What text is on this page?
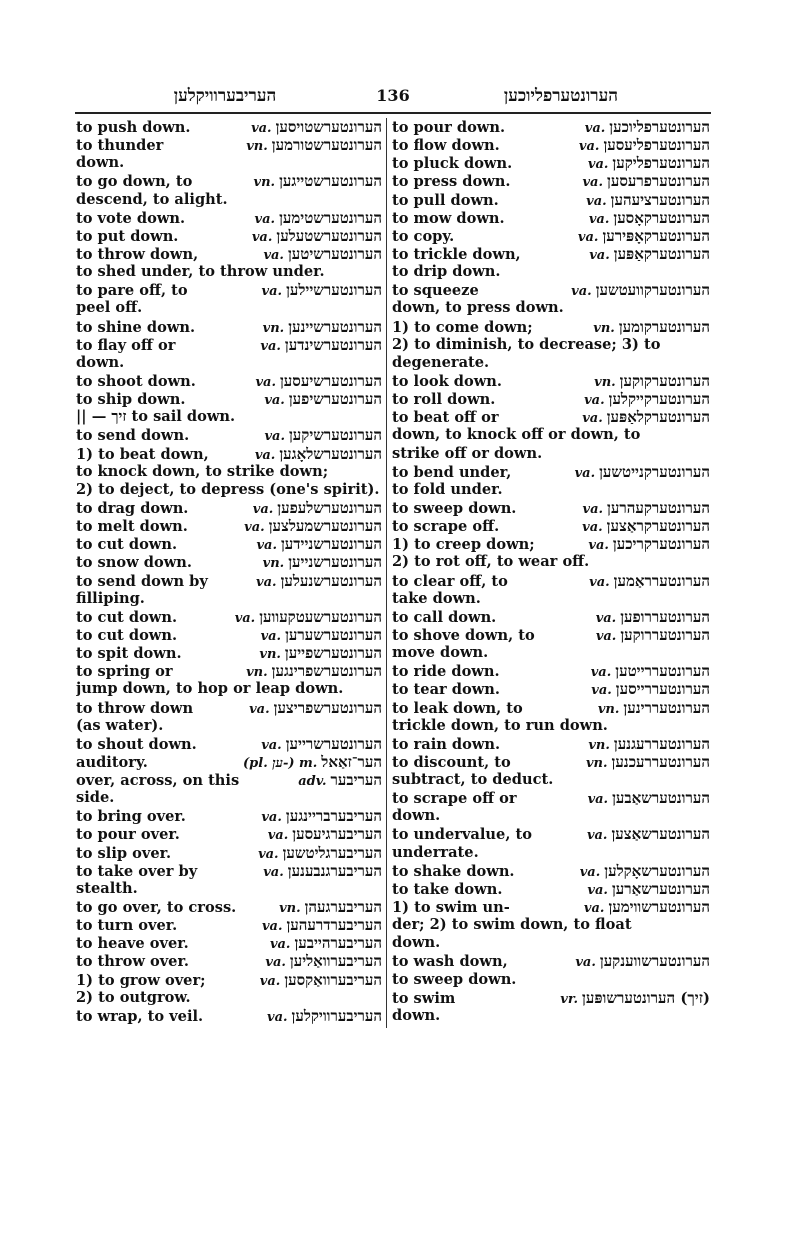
העריבערוויקלען	136	הערונטערפליוכען
to push down.	va. הערונטערשטויסען
to thunder	vn. הערונטערשטורמען
down.
to go down, to	vn. הערונטערשטייגען
descend, to alight.
to vote down.	va. הערונטערשטימען
to put down.	va. הערונטערשטעלען
to throw down,	va. הערונטערשיטען
to shed under, to throw under.
to pare off, to	va. הערונטערשיילען
peel off.
to shine down.	vn. הערונטערשיינען
to flay off or	va. הערונטערשינדען
down.
to shoot down.	va. הערונטערשיעסען
to ship down.	va. הערונטערשיפען
|| — זיך to sail down.
to send down.	va. הערונטערשיקען
1) to beat down,	va. הערונטערשלאָגען
to knock down, to strike down;
2) to deject, to depress (one's spirit).
to drag down.	va. הערונטערשלעפען
to melt down.	va. הערונטערשמעלצען
to cut down.	va. הערונטערשניידען
to snow down.	vn. הערונטערשנייען
to send down by	va. הערונטערשנעלען
filliping.
to cut down.	va. הערונטערשעטקעווען
to cut down.	va. הערונטערשערען
to spit down.	vn. הערונטערשפייען
to spring or	vn. הערונטערשפרינגען
jump down, to hop or leap down.
to throw down	va. הערונטערשפריצען
(as water).
to shout down.	va. הערונטערשרייען
auditory.	(pl. ען-) m. הער־זאַאל
over, across, on this	adv. העריבער
side.
to bring over.	va. העריבערבריינגען
to pour over.	va. העריבערגיעסען
to slip over.	va. העריבערגליטשען
to take over by	va. העריבערגנבענען
stealth.
to go over, to cross.	vn. העריבערגעהן
to turn over.	va. העריבערדרעהען
to heave over.	va. העריבערהייבען
to throw over.	va. העריבערוואַליען
1) to grow over;	va. העריבערוואַקסען
2) to outgrow.
to wrap, to veil.	va. העריבערוויקלען
to pour down.	va. הערונטערפליוכען
to flow down.	va. הערונטערפליעסען
to pluck down.	va. הערונטערפליקען
to press down.	va. הערונטערפרעסען
to pull down.	va. הערונטערציעהען
to mow down.	va. הערונטערקאָסען
to copy.	va. הערונטערקאָפּירען
to trickle down,	va. הערונטערקאַפּען
to drip down.
to squeeze	va. הערונטערקוועטשען
down, to press down.
1) to come down;	vn. הערונטערקומען
2) to diminish, to decrease; 3) to
degenerate.
to look down.	vn. הערונטערקוקען
to roll down.	va. הערונטערקייקלען
to beat off or	va. הערונטערקלאַפּען
down, to knock off or down, to
strike off or down.
to bend under,	va. הערונטערקנייטשען
to fold under.
to sweep down.	va. הערונטערקעהרען
to scrape off.	va. הערונטערקראַצען
1) to creep down;	va. הערונטערקריכען
2) to rot off, to wear off.
to clear off, to	va. הערונטערראַמען
take down.
to call down.	va. הערונטעררופען
to shove down, to	va. הערונטעררוקען
move down.
to ride down.	va. הערונטעררייטען
to tear down.	va. הערונטעררייסען
to leak down, to	vn. הערונטעררינען
trickle down, to run down.
to rain down.	vn. הערונטעררעגנען
to discount, to	vn. הערונטעררעכנען
subtract, to deduct.
to scrape off or	va. הערונטערשאַבען
down.
to undervalue, to	va. הערונטערשאַצען
underrate.
to shake down.	va. הערונטערשאָקלען
to take down.	va. הערונטערשאַרען
1) to swim un-	va. הערונטערשווימען
der; 2) to swim down, to float
down.
to wash down,	va. הערונטערשווענקען
to sweep down.
to swim	vr. (זיך) הערונטערשופּען
down.
